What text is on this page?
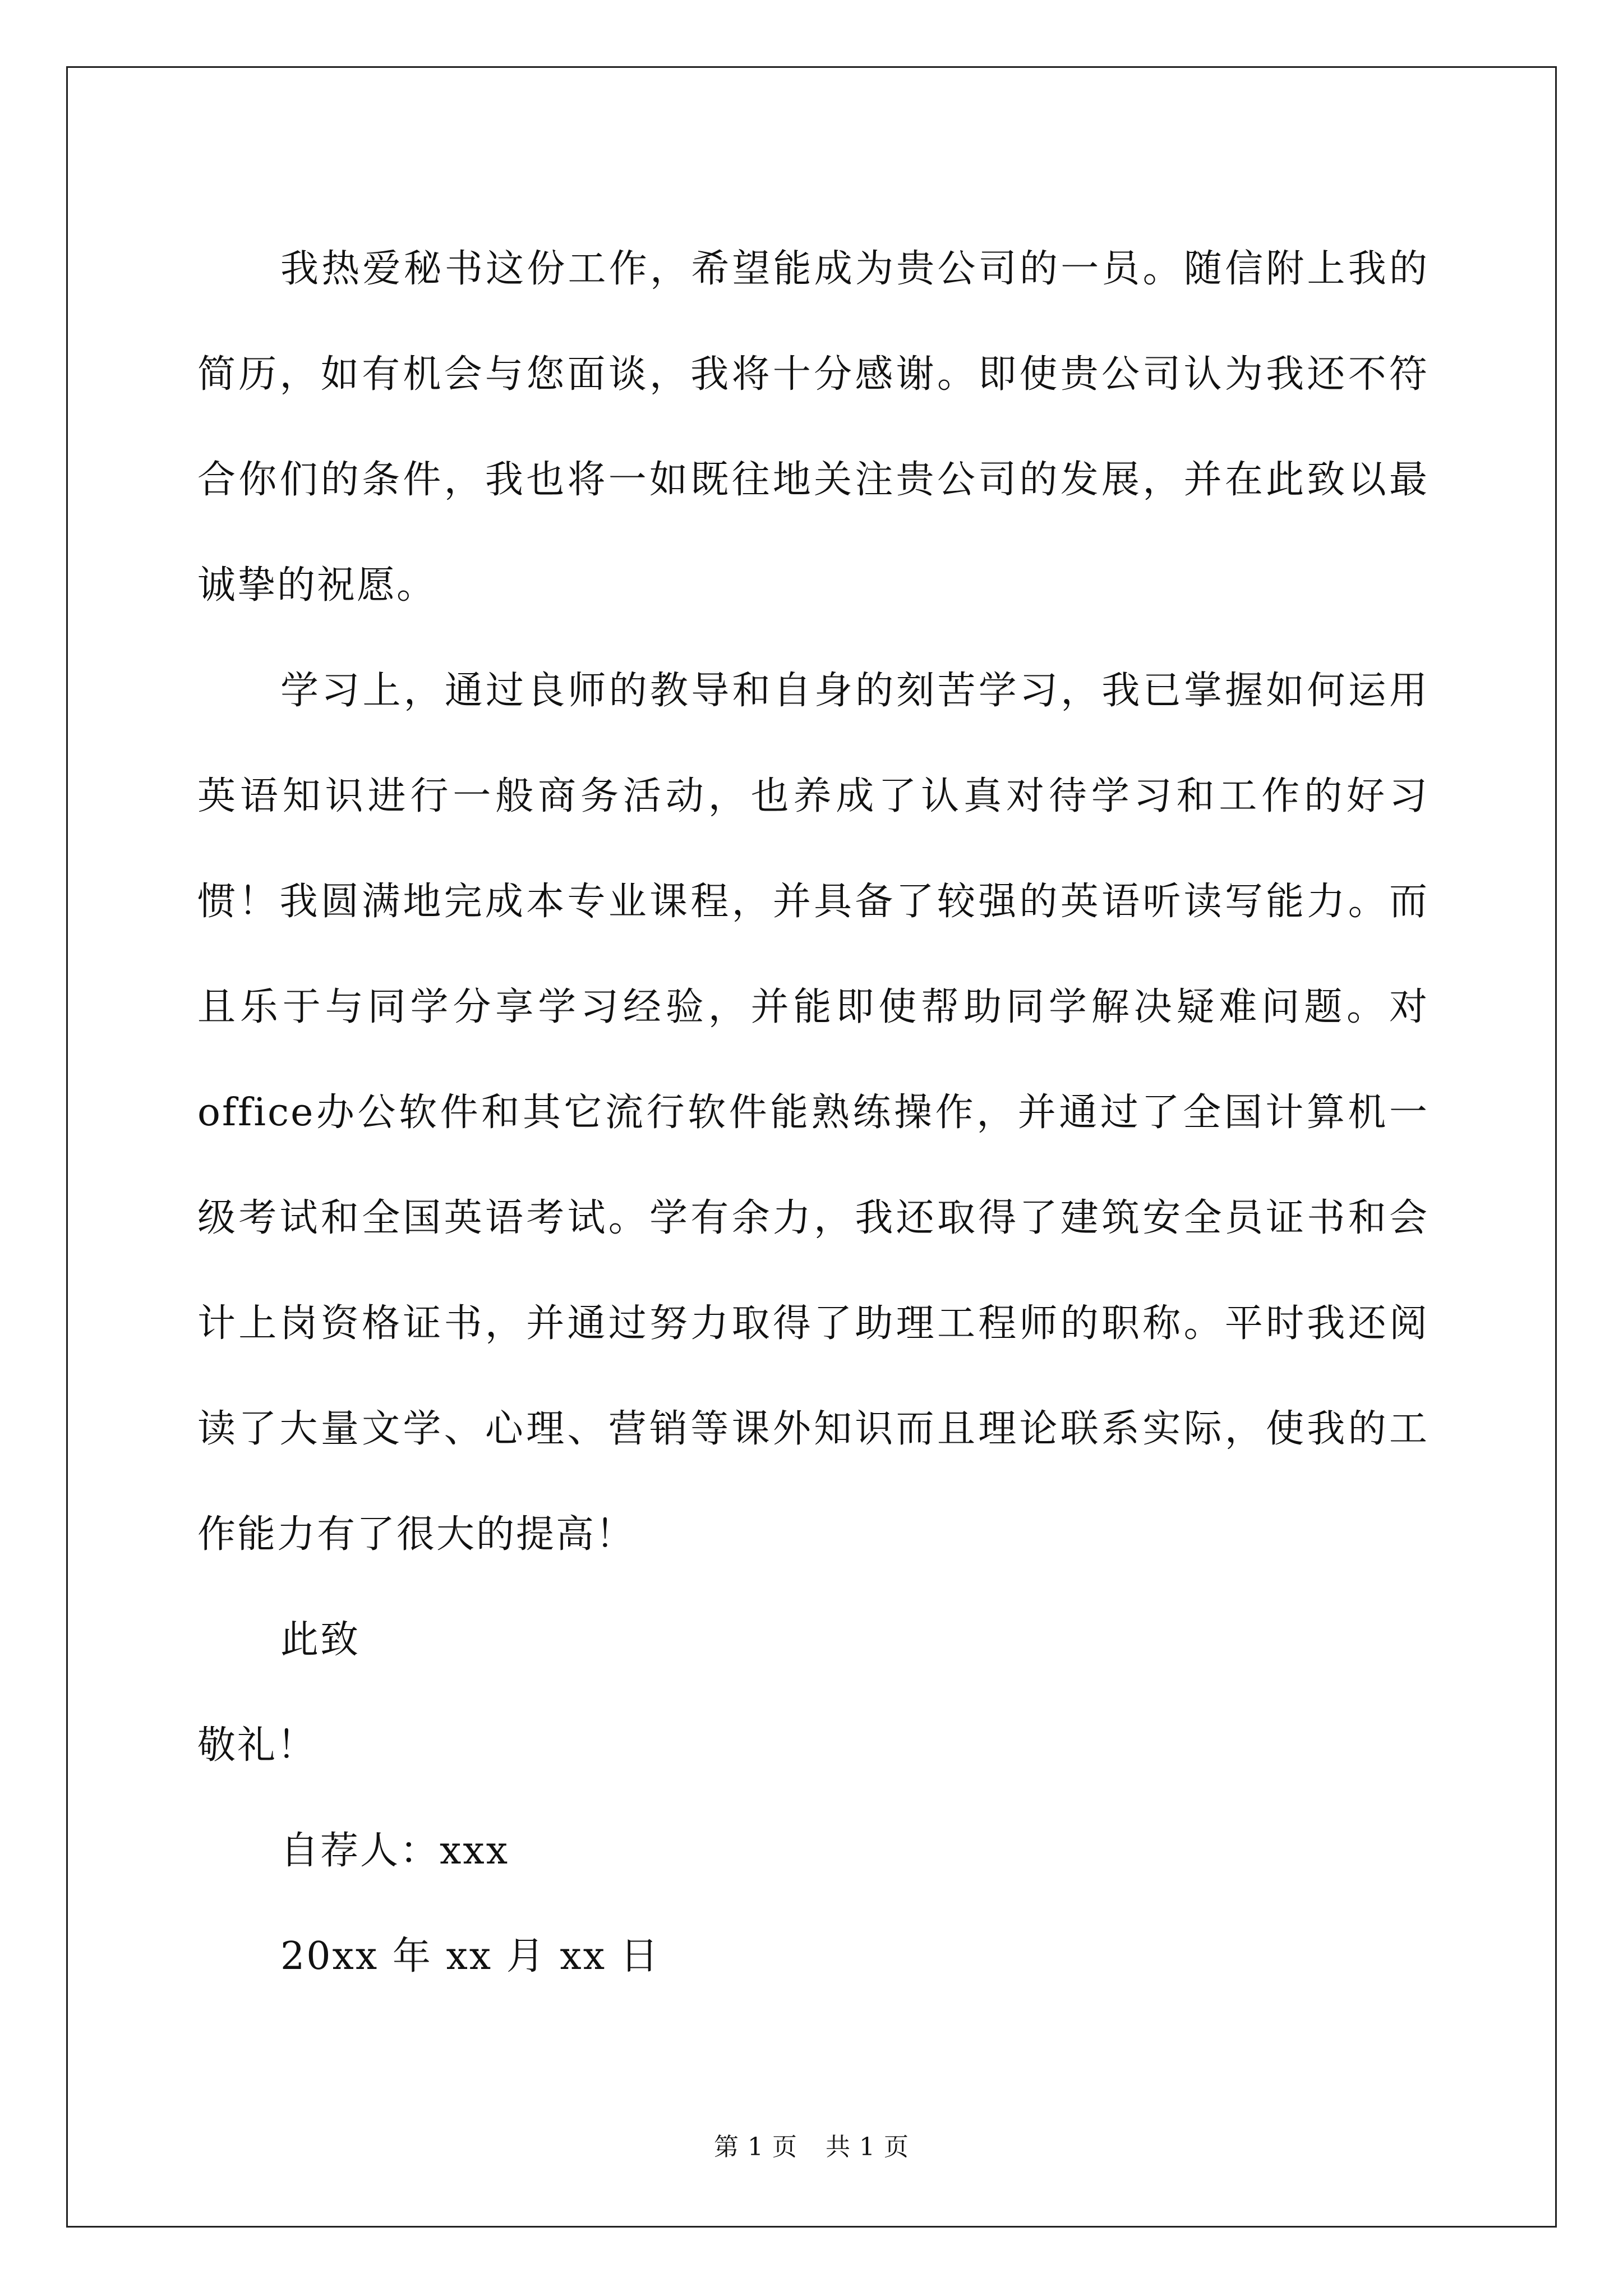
我热爱秘书这份工作，希望能成为贵公司的一员。随信附上我的简历，如有机会与您面谈，我将十分感谢。即使贵公司认为我还不符合你们的条件，我也将一如既往地关注贵公司的发展，并在此致以最诚挚的祝愿。

学习上，通过良师的教导和自身的刻苦学习，我已掌握如何运用英语知识进行一般商务活动，也养成了认真对待学习和工作的好习惯！我圆满地完成本专业课程，并具备了较强的英语听读写能力。而且乐于与同学分享学习经验，并能即使帮助同学解决疑难问题。对office办公软件和其它流行软件能熟练操作，并通过了全国计算机一级考试和全国英语考试。学有余力，我还取得了建筑安全员证书和会计上岗资格证书，并通过努力取得了助理工程师的职称。平时我还阅读了大量文学、心理、营销等课外知识而且理论联系实际，使我的工作能力有了很大的提高！

此致

敬礼！

自荐人：xxx

20xx 年 xx 月 xx 日

第 1 页 共 1 页
